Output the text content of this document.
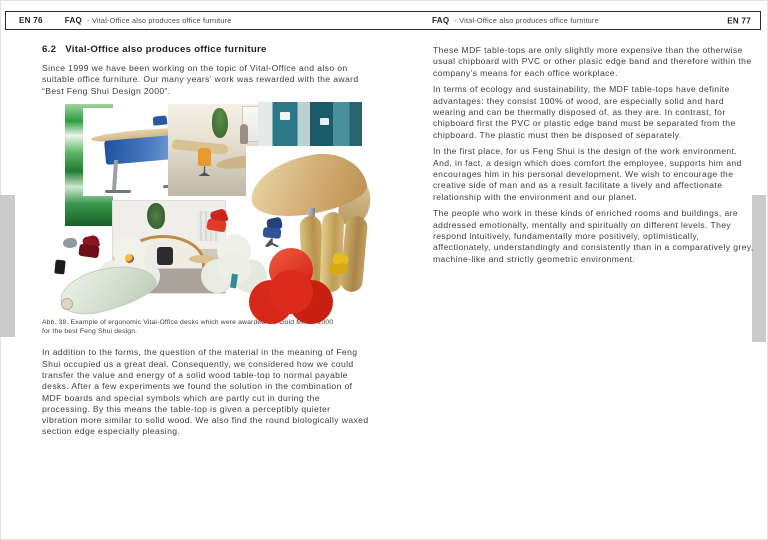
EN 76	FAQ - Vital-Office also produces office furniture	FAQ - Vital-Office also produces office furniture	EN 77
6.2 Vital-Office also produces office furniture

Since 1999 we have been working on the topic of Vital-Office and also on suitable office furniture. Our many years’ work was rewarded with the award “Best Feng Shui Design 2000”.

Abb. 38. Example of ergonomic Vital-Office desks which were awarded the Gold Medal 2000 for the best Feng Shui design.

In addition to the forms, the question of the material in the meaning of Feng Shui occupied us a great deal. Consequently, we considered how we could transfer the value and energy of a solid wood table-top to normal payable desks. After a few experiments we found the solution in the combination of MDF boards and special symbols which are partly cut in during the processing. By this means the table-top is given a perceptibly quieter vibration more similar to solid wood. We also find the round biologically waxed section edge especially pleasing.

These MDF table-tops are only slightly more expensive than the otherwise usual chipboard with PVC or other plasic edge band and therefore within the company’s means for each office workplace.

In terms of ecology and sustainability, the MDF table-tops have definite advantages: they consist 100% of wood, are especially solid and hard wearing and can be thermally disposed of, as they are. In contrast, for chipboard first the PVC or plastic edge band must be separated from the chipboard. The plastic must then be disposed of separately.

In the first place, for us Feng Shui is the design of the work environment. And, in fact, a design which does comfort the employee, supports him and encourages him in his personal development. We wish to encourage the creative side of man and as a result facilitate a lively and affectionate relationship with the environment and our planet.

The people who work in these kinds of enriched rooms and buildings, are addressed emotionally, mentally and spiritually on different levels. They respond intuitively, fundamentally more positively, optimistically, affectionately, understandingly and consistently than in a comparatively grey, machine-like and strictly geometric environment.
